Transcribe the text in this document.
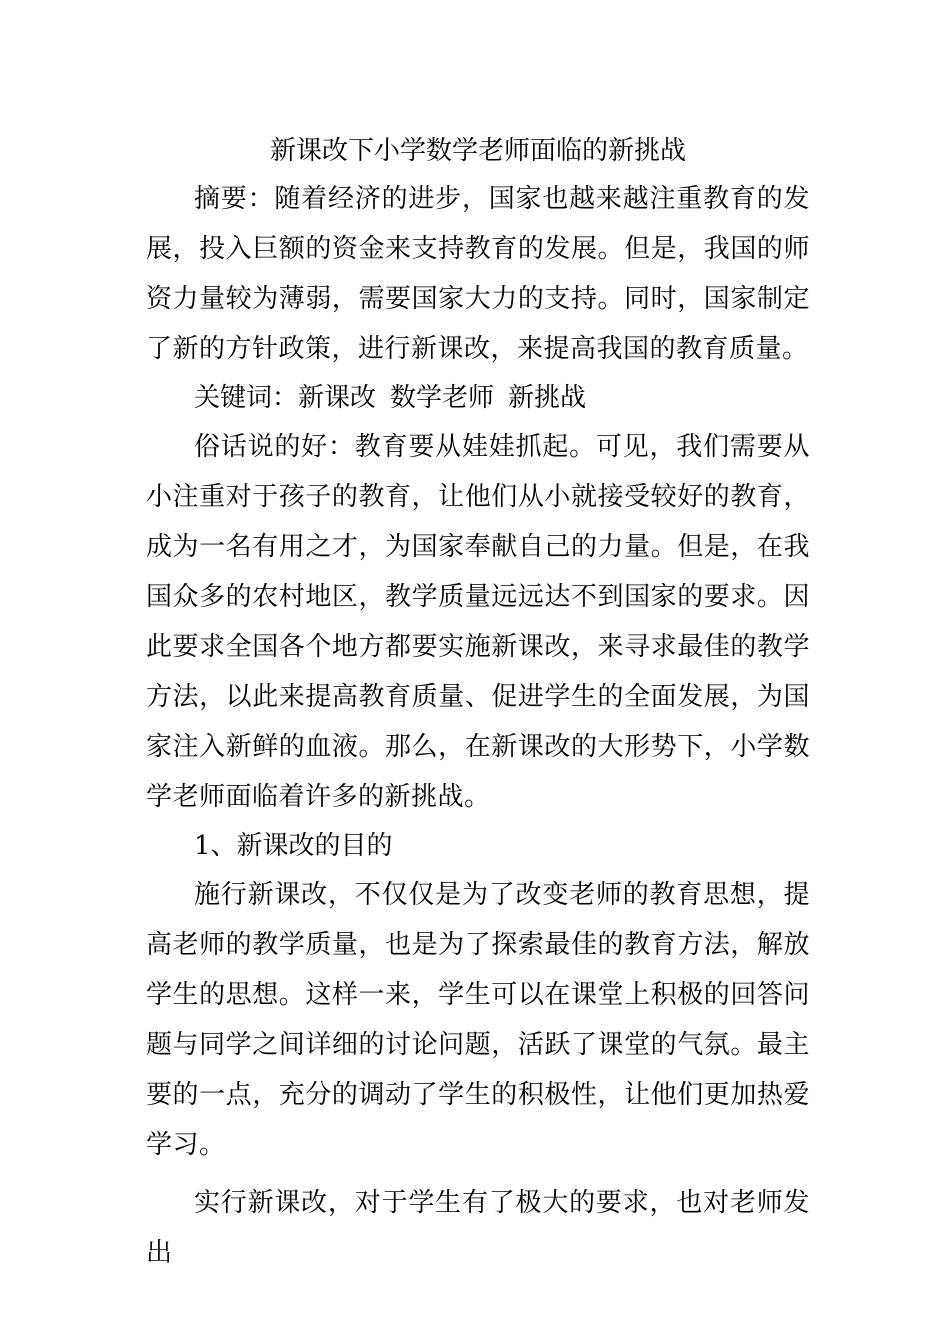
新课改下小学数学老师面临的新挑战

摘要：随着经济的进步，国家也越来越注重教育的发展，投入巨额的资金来支持教育的发展。但是，我国的师资力量较为薄弱，需要国家大力的支持。同时，国家制定了新的方针政策，进行新课改，来提高我国的教育质量。

关键词：新课改 数学老师 新挑战

俗话说的好：教育要从娃娃抓起。可见，我们需要从小注重对于孩子的教育，让他们从小就接受较好的教育，成为一名有用之才，为国家奉献自己的力量。但是，在我国众多的农村地区，教学质量远远达不到国家的要求。因此要求全国各个地方都要实施新课改，来寻求最佳的教学方法，以此来提高教育质量、促进学生的全面发展，为国家注入新鲜的血液。那么，在新课改的大形势下，小学数学老师面临着许多的新挑战。

1、新课改的目的

施行新课改，不仅仅是为了改变老师的教育思想，提高老师的教学质量，也是为了探索最佳的教育方法，解放学生的思想。这样一来，学生可以在课堂上积极的回答问题与同学之间详细的讨论问题，活跃了课堂的气氛。最主要的一点，充分的调动了学生的积极性，让他们更加热爱学习。

实行新课改，对于学生有了极大的要求，也对老师发出
